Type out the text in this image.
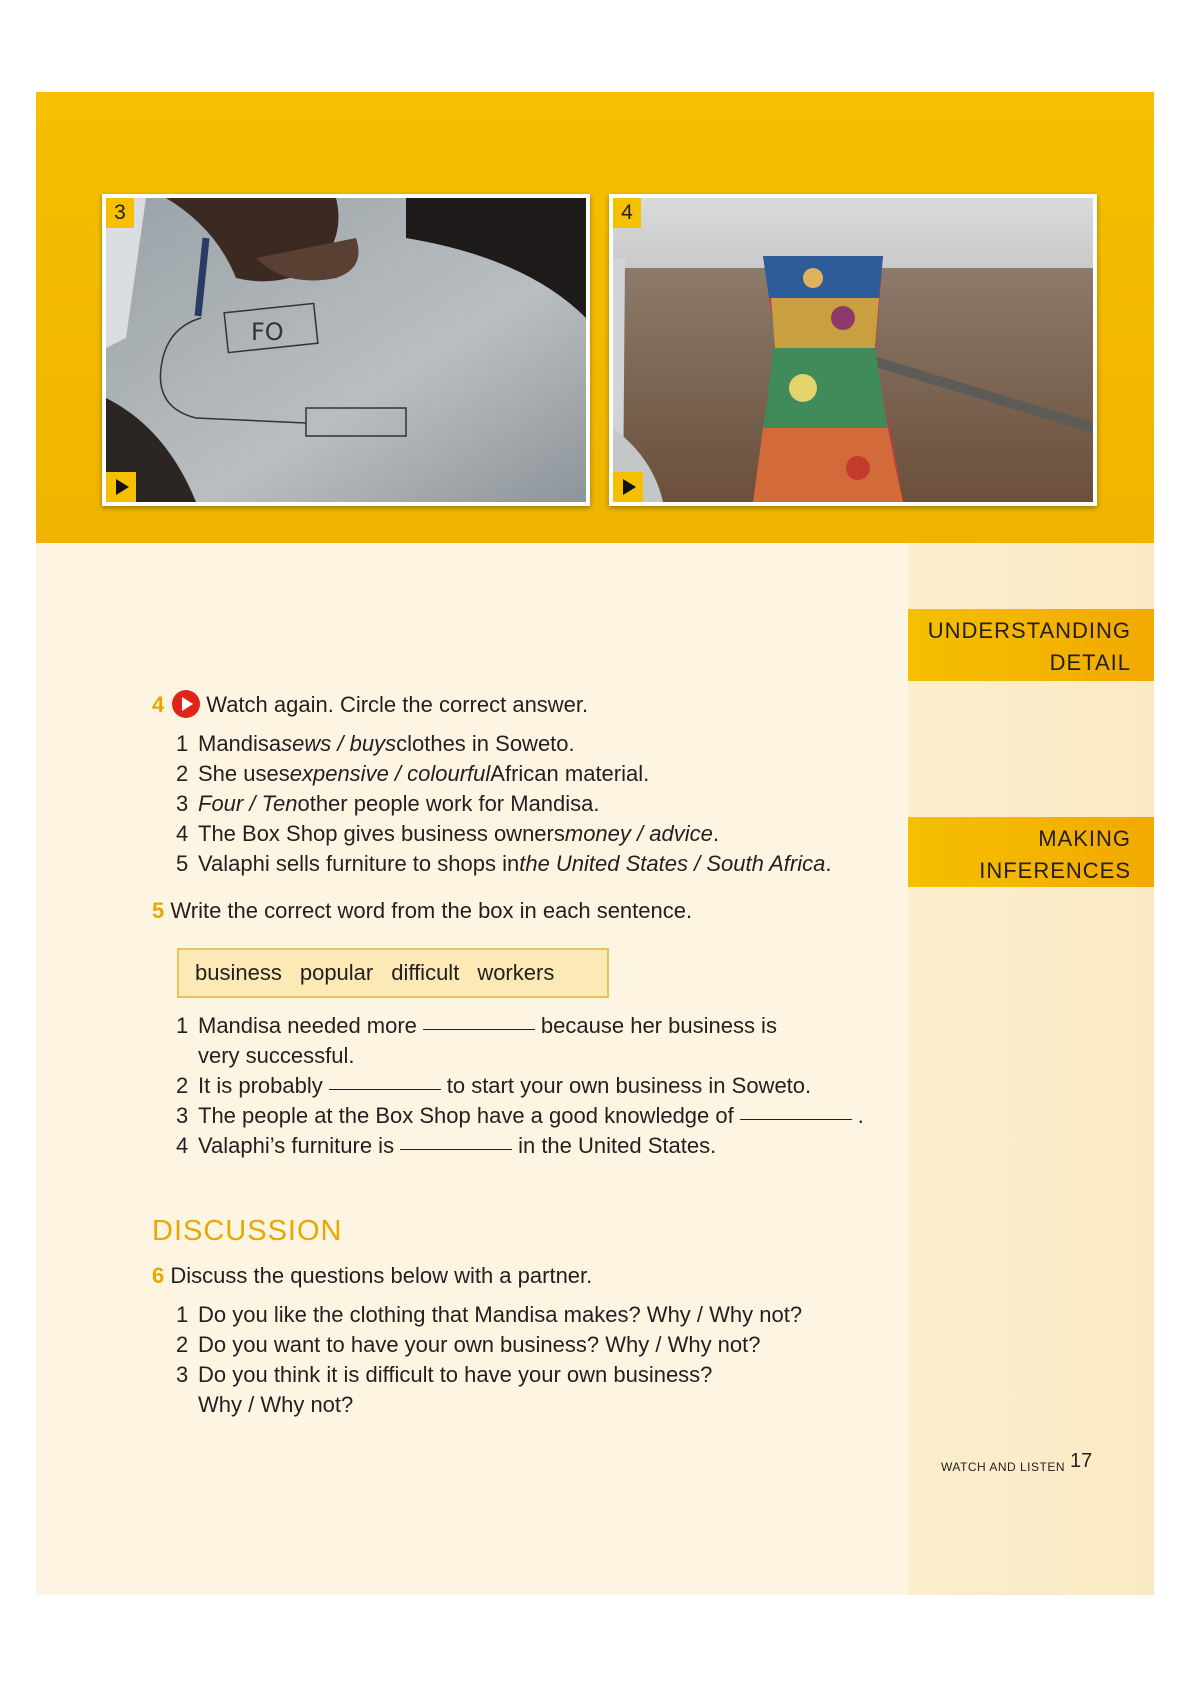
FO
3	4
UNDERSTANDING
DETAIL
MAKING
INFERENCES
4 Watch again. Circle the correct answer.
1 Mandisa sews / buys clothes in Soweto.
2 She uses expensive / colourful African material.
3 Four / Ten other people work for Mandisa.
4 The Box Shop gives business owners money / advice .
5 Valaphi sells furniture to shops in the United States / South Africa .
5 Write the correct word from the box in each sentence.
business popular difficult workers
1 Mandisa needed more	because her business is
very successful.
2 It is probably	to start your own business in Soweto.
3 The people at the Box Shop have a good knowledge of	.
4 Valaphi’s furniture is	in the United States.
DISCUSSION
6 Discuss the questions below with a partner.
1 Do you like the clothing that Mandisa makes? Why / Why not?
2 Do you want to have your own business? Why / Why not?
3 Do you think it is difficult to have your own business?
Why / Why not?
WATCH AND LISTEN 17
